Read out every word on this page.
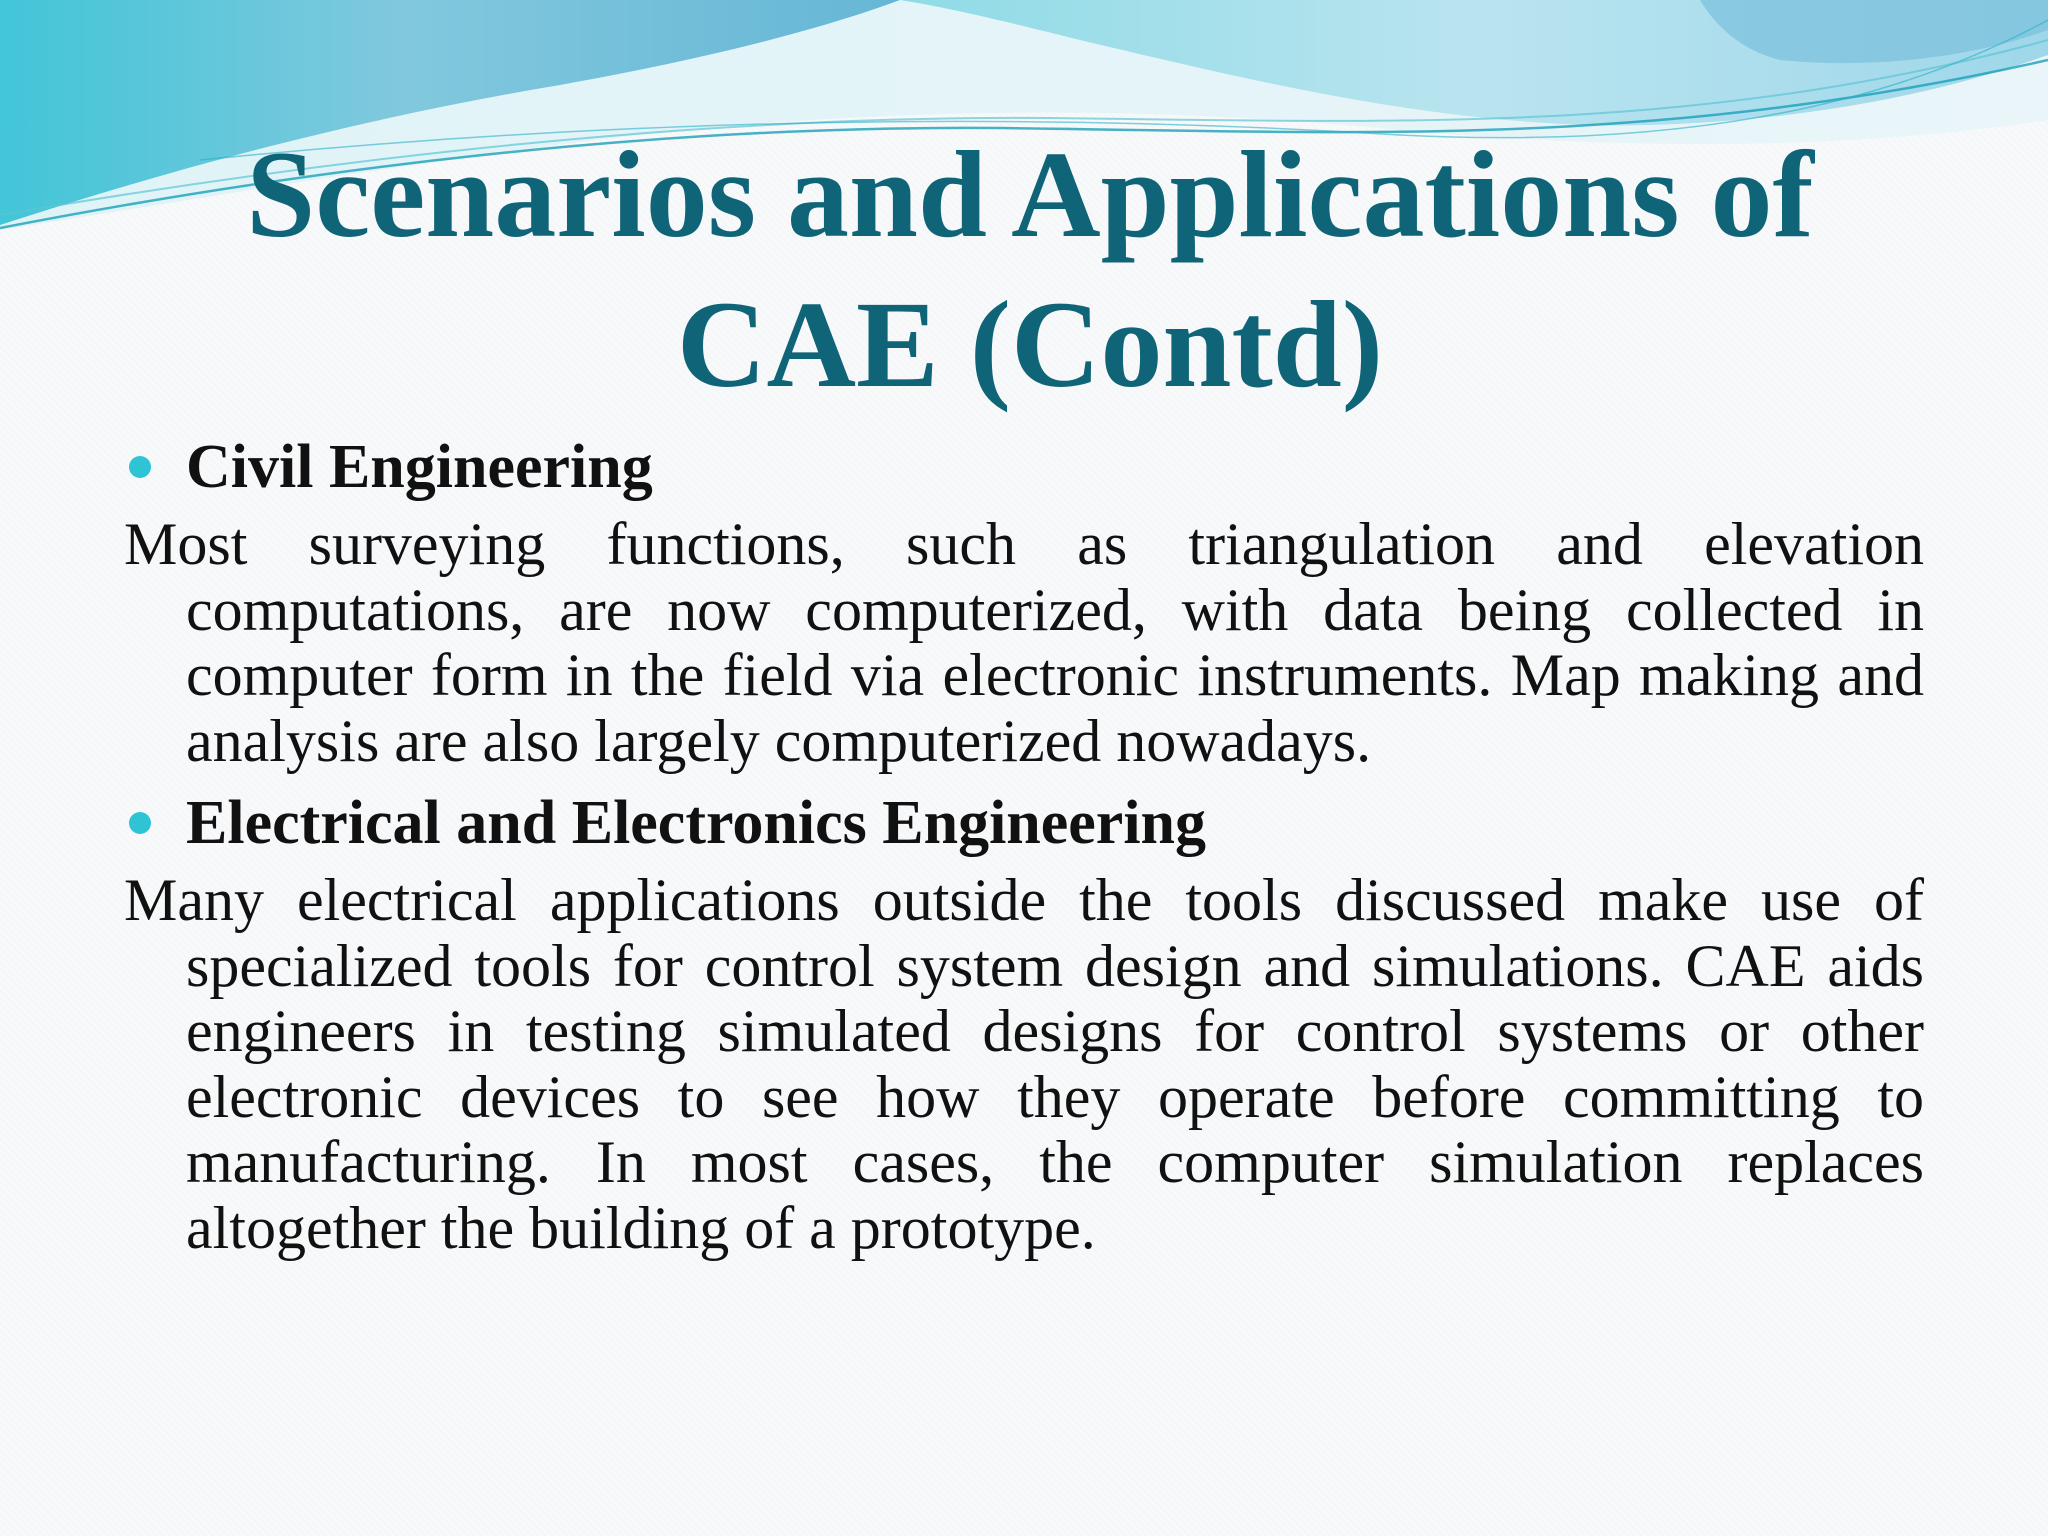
Scenarios and Applications of
CAE (Contd)
Civil Engineering

Most surveying functions, such as triangulation and elevation computations, are now computerized, with data being collected in computer form in the field via electronic instruments. Map making and analysis are also largely computerized nowadays.

Electrical and Electronics Engineering

Many electrical applications outside the tools discussed make use of specialized tools for control system design and simulations. CAE aids engineers in testing simulated designs for control systems or other electronic devices to see how they operate before committing to manufacturing. In most cases, the computer simulation replaces altogether the building of a prototype.
